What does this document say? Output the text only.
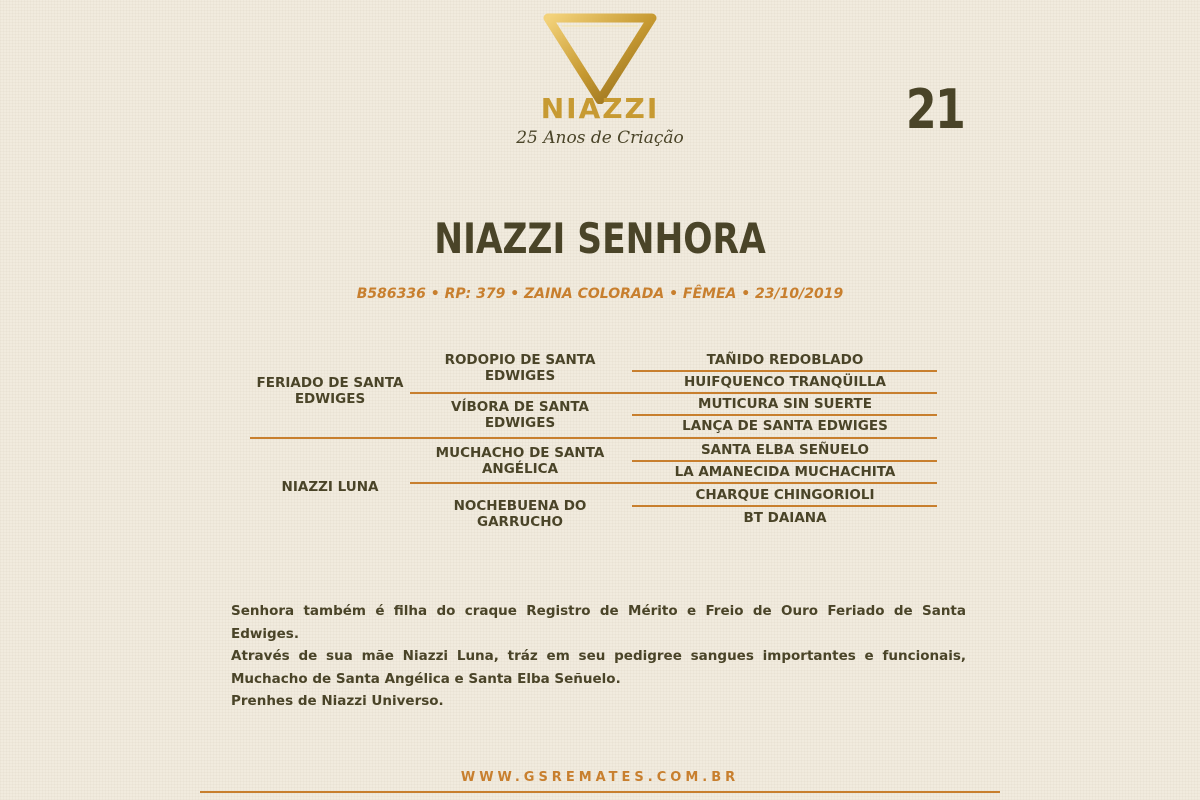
NIAZZI
25 Anos de Criação	21
NIAZZI SENHORA
B586336 • RP: 379 • ZAINA COLORADA • FÊMEA • 23/10/2019
FERIADO DE SANTA EDWIGES
NIAZZI LUNA
RODOPIO DE SANTA EDWIGES
VÍBORA DE SANTA EDWIGES
MUCHACHO DE SANTA ANGÉLICA
NOCHEBUENA DO GARRUCHO
TAÑIDO REDOBLADO
HUIFQUENCO TRANQÜILLA
MUTICURA SIN SUERTE
LANÇA DE SANTA EDWIGES
SANTA ELBA SEÑUELO
LA AMANECIDA MUCHACHITA
CHARQUE CHINGORIOLI
BT DAIANA

Senhora também é filha do craque Registro de Mérito e Freio de Ouro Feriado de Santa Edwiges.

Através de sua mãe Niazzi Luna, tráz em seu pedigree sangues importantes e funcionais, Muchacho de Santa Angélica e Santa Elba Señuelo.

Prenhes de Niazzi Universo.

WWW.GSREMATES.COM.BR
